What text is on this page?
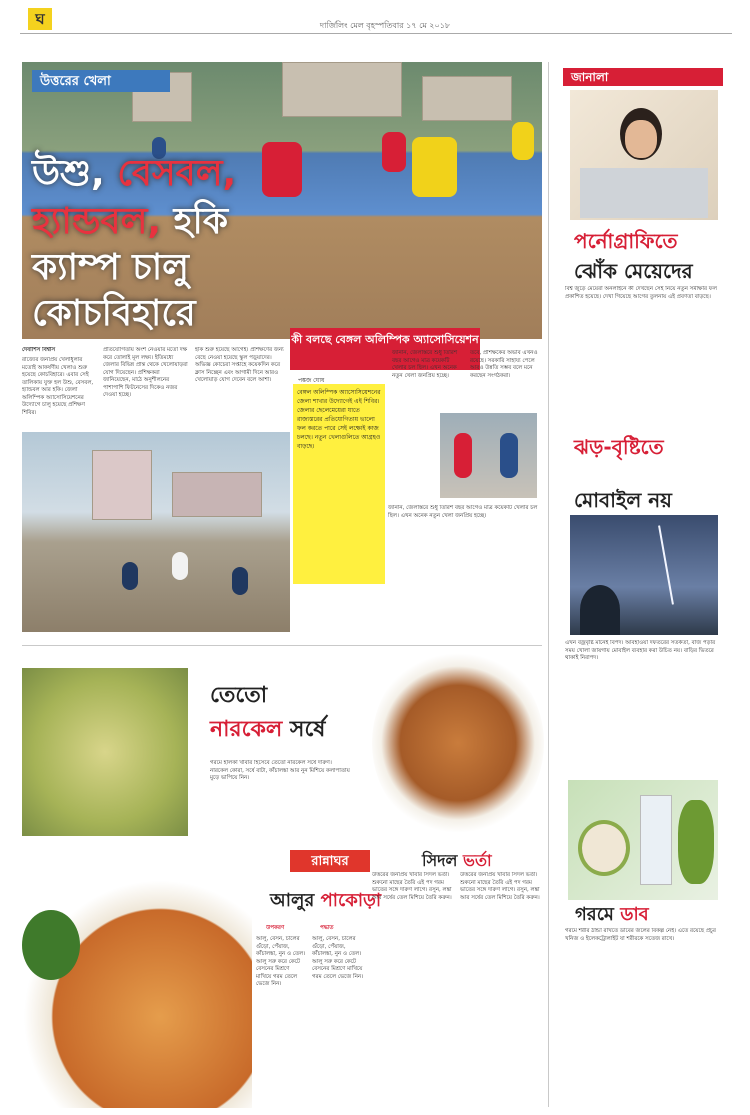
ঘ	দার্জিলিং মেল বৃহস্পতিবার ১৭ মে ২০১৮
উত্তরের খেলা
উশু, বেসবল,
হ্যান্ডবল, হকি
ক্যাম্প চালু
কোচবিহারে
দেবাশিস বিশ্বাস
রাজ্যের জনপ্রিয় খেলাধুলার মতোই আকর্ষণীয় খেলাও শুরু হয়েছে কোচবিহারে। এবার সেই তালিকায় যুক্ত হল উশু, বেসবল, হ্যান্ডবল আর হকি। জেলা অলিম্পিক অ্যাসোসিয়েশনের উদ্যোগে চালু হয়েছে প্রশিক্ষণ শিবির।
প্রতিযোগিতায় অংশ নেওয়ার মতো দক্ষ করে তোলাই মূল লক্ষ্য। ইতিমধ্যে জেলার বিভিন্ন প্রান্ত থেকে খেলোয়াড়রা যোগ দিয়েছেন। প্রশিক্ষকরা জানিয়েছেন, মাঠে অনুশীলনের পাশাপাশি ফিটনেসের দিকেও নজর দেওয়া হচ্ছে।
হকি শুরু হয়েছে আগেই। প্রশিক্ষণের জন্য বেছে নেওয়া হয়েছে স্কুল পড়ুয়াদের। অভিজ্ঞ কোচেরা সপ্তাহে কয়েকদিন করে ক্লাস নিচ্ছেন এবং আগামী দিনে আরও খেলোয়াড় যোগ দেবেন বলে আশা।
কী বলছে বেঙ্গল অলিম্পিক অ্যাসোসিয়েশন
পঙ্কজ ঘোষ
বেঙ্গল অলিম্পিক অ্যাসোসিয়েশনের জেলা শাখার উদ্যোগেই এই শিবির। জেলার ছেলেমেয়েরা যাতে রাজ্যস্তরের প্রতিযোগিতায় ভালো ফল করতে পারে সেই লক্ষ্যেই কাজ চলছে। নতুন খেলাগুলিতে আগ্রহও বাড়ছে।
জানান, জেলাস্তরে শুধু তিরিশ বছর আগেও মাত্র কয়েকটি খেলার চল ছিল। এখন অনেক নতুন খেলা জনপ্রিয় হচ্ছে।
তবে, প্রশিক্ষকের অভাব এখনও রয়েছে। সরকারি সাহায্য পেলে আরও উন্নতি সম্ভব বলে মনে করছেন সংগঠকরা।
জানান, জেলাস্তরে শুধু তিরিশ বছর আগেও মাত্র কয়েকটি খেলার চল ছিল। এখন অনেক নতুন খেলা জনপ্রিয় হচ্ছে।
জানালা
পর্নোগ্রাফিতে
ঝোঁক মেয়েদের
বিশ্ব জুড়ে মেয়েরা অনলাইনে কী দেখছেন সেই নিয়ে নতুন সমীক্ষার ফল প্রকাশিত হয়েছে। দেখা গিয়েছে আগের তুলনায় এই প্রবণতা বাড়ছে।
ঝড়-বৃষ্টিতে
মোবাইল নয়
এখন বজ্রবৃষ্টি মানেই বিপদ। আবহাওয়া দফতরের সতর্কতা, বাজ পড়ার সময় খোলা জায়গায় মোবাইল ব্যবহার করা উচিত নয়। বাড়ির ভিতরে থাকাই নিরাপদ।
গরমে ডাব
গরমে শরীর ঠান্ডা রাখতে ডাবের জলের বিকল্প নেই। এতে রয়েছে প্রচুর খনিজ ও ইলেকট্রোলাইট যা শরীরকে সতেজ রাখে।
তেতো
নারকেল সর্ষে
গরমে হালকা খাবার হিসেবে তেতো নারকেল সর্ষে দারুণ। নারকেল কোরা, সর্ষে বাটা, কাঁচালঙ্কা আর নুন মিশিয়ে কলাপাতায় মুড়ে ভাপিয়ে নিন।
রান্নাঘর
আলুর পাকোড়া
উপকরণ	পদ্ধতি
আলু, বেসন, চালের গুঁড়ো, পেঁয়াজ, কাঁচালঙ্কা, নুন ও তেল। আলু সরু করে কেটে বেসনের মিশ্রণে মাখিয়ে গরম তেলে ভেজে নিন।
আলু, বেসন, চালের গুঁড়ো, পেঁয়াজ, কাঁচালঙ্কা, নুন ও তেল। আলু সরু করে কেটে বেসনের মিশ্রণে মাখিয়ে গরম তেলে ভেজে নিন।
সিদল ভর্তা
উত্তরের জনপ্রিয় খাবার সিদল ভর্তা। শুকনো মাছের তৈরি এই পদ গরম ভাতের সঙ্গে দারুণ লাগে। রসুন, লঙ্কা আর সর্ষের তেল মিশিয়ে তৈরি করুন।
উত্তরের জনপ্রিয় খাবার সিদল ভর্তা। শুকনো মাছের তৈরি এই পদ গরম ভাতের সঙ্গে দারুণ লাগে। রসুন, লঙ্কা আর সর্ষের তেল মিশিয়ে তৈরি করুন।
